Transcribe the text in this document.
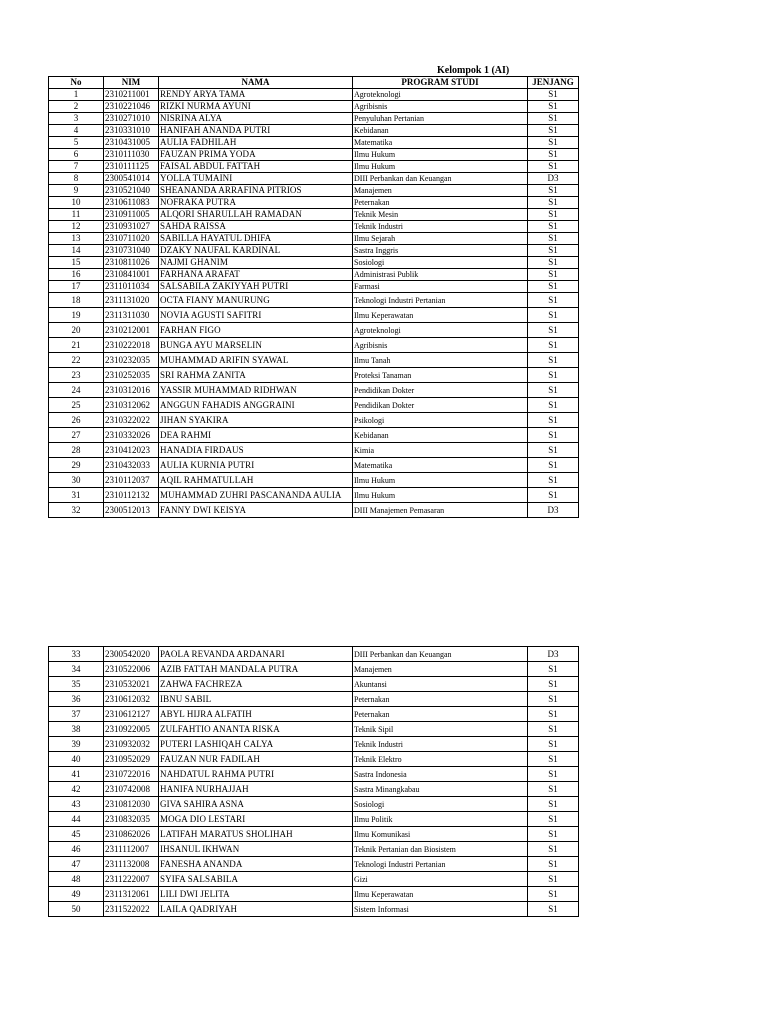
Kelompok 1 (AI)
No	NIM	NAMA	PROGRAM STUDI	JENJANG
1	2310211001	RENDY ARYA TAMA	Agroteknologi	S1
2	2310221046	RIZKI NURMA AYUNI	Agribisnis	S1
3	2310271010	NISRINA ALYA	Penyuluhan Pertanian	S1
4	2310331010	HANIFAH ANANDA PUTRI	Kebidanan	S1
5	2310431005	AULIA FADHILAH	Matematika	S1
6	2310111030	FAUZAN PRIMA YODA	Ilmu Hukum	S1
7	2310111125	FAISAL ABDUL FATTAH	Ilmu Hukum	S1
8	2300541014	YOLLA TUMAINI	DIII Perbankan dan Keuangan	D3
9	2310521040	SHEANANDA ARRAFINA PITRIOS	Manajemen	S1
10	2310611083	NOFRAKA PUTRA	Peternakan	S1
11	2310911005	ALQORI SHARULLAH RAMADAN	Teknik Mesin	S1
12	2310931027	SAHDA RAISSA	Teknik Industri	S1
13	2310711020	SABILLA HAYATUL DHIFA	Ilmu Sejarah	S1
14	2310731040	DZAKY NAUFAL KARDINAL	Sastra Inggris	S1
15	2310811026	NAJMI GHANIM	Sosiologi	S1
16	2310841001	FARHANA ARAFAT	Administrasi Publik	S1
17	2311011034	SALSABILA ZAKIYYAH PUTRI	Farmasi	S1
18	2311131020	OCTA FIANY MANURUNG	Teknologi Industri Pertanian	S1
19	2311311030	NOVIA AGUSTI SAFITRI	Ilmu Keperawatan	S1
20	2310212001	FARHAN FIGO	Agroteknologi	S1
21	2310222018	BUNGA AYU MARSELIN	Agribisnis	S1
22	2310232035	MUHAMMAD ARIFIN SYAWAL	Ilmu Tanah	S1
23	2310252035	SRI RAHMA ZANITA	Proteksi Tanaman	S1
24	2310312016	YASSIR MUHAMMAD RIDHWAN	Pendidikan Dokter	S1
25	2310312062	ANGGUN FAHADIS ANGGRAINI	Pendidikan Dokter	S1
26	2310322022	JIHAN SYAKIRA	Psikologi	S1
27	2310332026	DEA RAHMI	Kebidanan	S1
28	2310412023	HANADIA FIRDAUS	Kimia	S1
29	2310432033	AULIA KURNIA PUTRI	Matematika	S1
30	2310112037	AQIL RAHMATULLAH	Ilmu Hukum	S1
31	2310112132	MUHAMMAD ZUHRI PASCANANDA AULIA	Ilmu Hukum	S1
32	2300512013	FANNY DWI KEISYA	DIII Manajemen Pemasaran	D3
33	2300542020	PAOLA REVANDA ARDANARI	DIII Perbankan dan Keuangan	D3
34	2310522006	AZIB FATTAH MANDALA PUTRA	Manajemen	S1
35	2310532021	ZAHWA FACHREZA	Akuntansi	S1
36	2310612032	IBNU SABIL	Peternakan	S1
37	2310612127	ABYL HIJRA ALFATIH	Peternakan	S1
38	2310922005	ZULFAHTIO ANANTA RISKA	Teknik Sipil	S1
39	2310932032	PUTERI LASHIQAH CALYA	Teknik Industri	S1
40	2310952029	FAUZAN NUR FADILAH	Teknik Elektro	S1
41	2310722016	NAHDATUL RAHMA PUTRI	Sastra Indonesia	S1
42	2310742008	HANIFA NURHAJJAH	Sastra Minangkabau	S1
43	2310812030	GIVA SAHIRA ASNA	Sosiologi	S1
44	2310832035	MOGA DIO LESTARI	Ilmu Politik	S1
45	2310862026	LATIFAH MARATUS SHOLIHAH	Ilmu Komunikasi	S1
46	2311112007	IHSANUL IKHWAN	Teknik Pertanian dan Biosistem	S1
47	2311132008	FANESHA ANANDA	Teknologi Industri Pertanian	S1
48	2311222007	SYIFA SALSABILA	Gizi	S1
49	2311312061	LILI DWI JELITA	Ilmu Keperawatan	S1
50	2311522022	LAILA QADRIYAH	Sistem Informasi	S1
